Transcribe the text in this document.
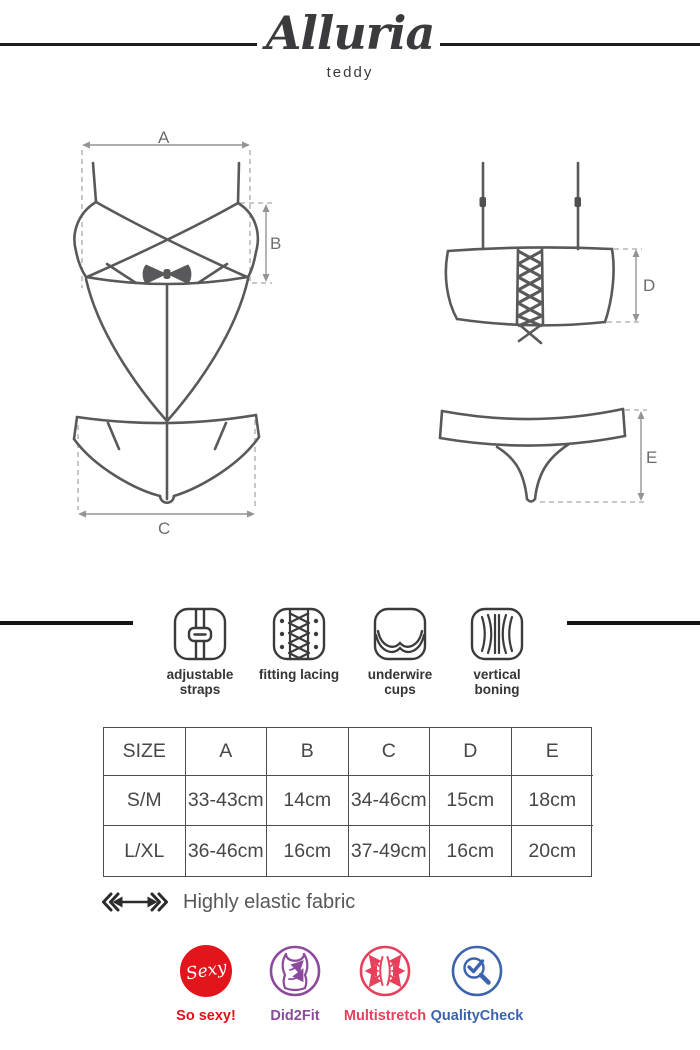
Alluria
teddy
A
B
C
D
E
adjustable straps
fitting lacing	underwire cups
vertical boning
SIZE	A	B	C	D	E
S/M	33-43cm	14cm	34-46cm	15cm	18cm
L/XL	36-46cm	16cm	37-49cm	16cm	20cm
Highly elastic fabric
Sexy
So sexy!	Did2Fit	Multistretch QualityCheck
